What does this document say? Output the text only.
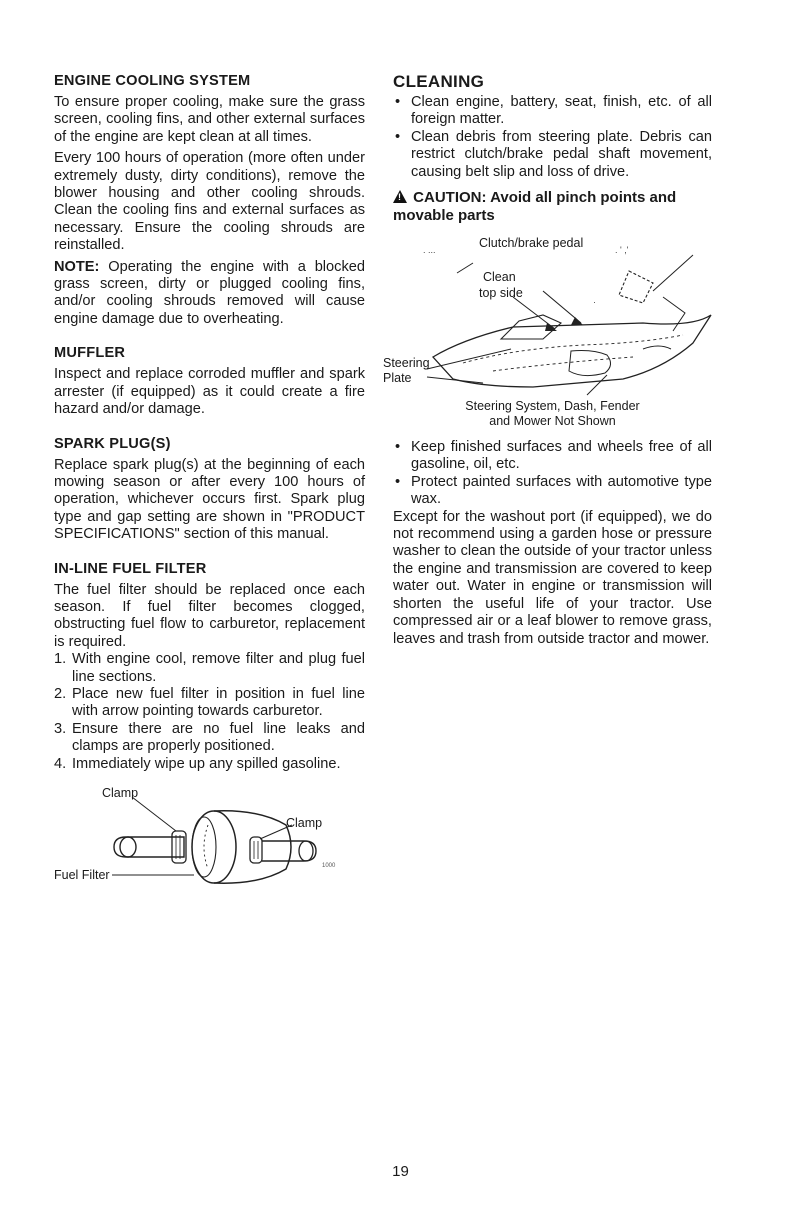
ENGINE COOLING SYSTEM

To ensure proper cooling, make sure the grass screen, cooling fins, and other external surfaces of the engine are kept clean at all times.

Every 100 hours of operation (more often under extremely dusty, dirty conditions), remove the blower housing and other cooling shrouds. Clean the cooling fins and external surfaces as necessary. Ensure the cooling shrouds are reinstalled.

NOTE: Operating the engine with a blocked grass screen, dirty or plugged cooling fins, and/or cooling shrouds removed will cause engine damage due to overheating.

MUFFLER

Inspect and replace corroded muffler and spark arrester (if equipped) as it could create a fire hazard and/or damage.

SPARK PLUG(S)

Replace spark plug(s) at the beginning of each mowing season or after every 100 hours of operation, whichever occurs first. Spark plug type and gap setting are shown in "PRODUCT SPECIFICATIONS" section of this manual.

IN-LINE FUEL FILTER

The fuel filter should be replaced once each season. If fuel filter becomes clogged, obstructing fuel flow to carburetor, replacement is required.

1. With engine cool, remove filter and plug fuel line sections.
2. Place new fuel filter in position in fuel line with arrow pointing towards carburetor.
3. Ensure there are no fuel line leaks and clamps are properly positioned.
4. Immediately wipe up any spilled gasoline.
1000
Clamp
Clamp
Fuel Filter
CLEANING
• Clean engine, battery, seat, finish, etc. of all foreign matter.
• Clean debris from steering plate. Debris can restrict clutch/brake pedal shaft movement, causing belt slip and loss of drive.
! CAUTION: Avoid all pinch points and movable parts
. ' ,'
·
. ...	Clutch/brake pedal
Clean
top side
Steering
Plate
Steering System, Dash, Fender
and Mower Not Shown
• Keep finished surfaces and wheels free of all gasoline, oil, etc.
• Protect painted surfaces with automotive type wax.

Except for the washout port (if equipped), we do not recommend using a garden hose or pressure washer to clean the outside of your tractor unless the engine and transmission are covered to keep water out. Water in engine or transmission will shorten the useful life of your tractor. Use compressed air or a leaf blower to remove grass, leaves and trash from outside tractor and mower.

19
